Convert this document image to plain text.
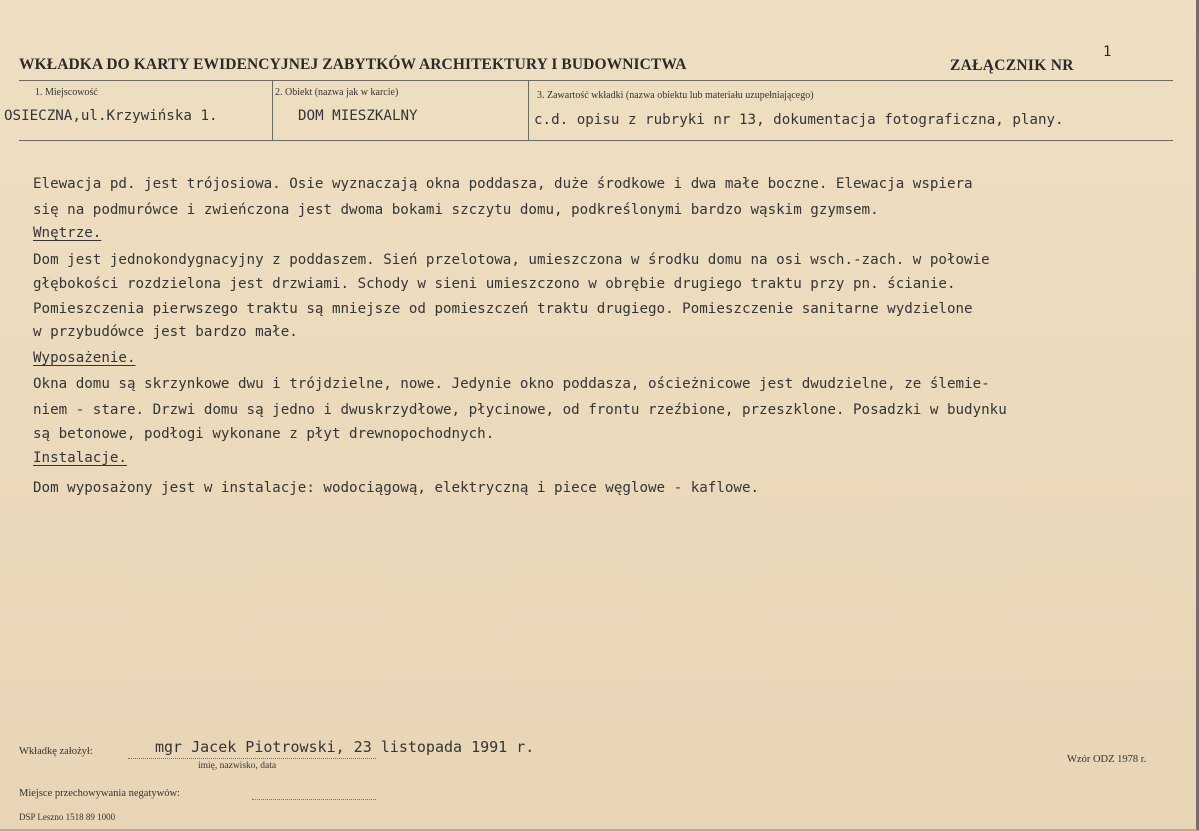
WKŁADKA DO KARTY EWIDENCYJNEJ ZABYTKÓW ARCHITEKTURY I BUDOWNICTWA	ZAŁĄCZNIK NR
1
1. Miejscowość
OSIECZNA,ul.Krzywińska 1.
2. Obiekt (nazwa jak w karcie)
DOM MIESZKALNY
3. Zawartość wkładki (nazwa obiektu lub materiału uzupełniającego)
c.d. opisu z rubryki nr 13, dokumentacja fotograficzna, plany.
Elewacja pd. jest trójosiowa. Osie wyznaczają okna poddasza, duże środkowe i dwa małe boczne. Elewacja wspiera
się na podmurówce i zwieńczona jest dwoma bokami szczytu domu, podkreślonymi bardzo wąskim gzymsem.
Wnętrze.
Dom jest jednokondygnacyjny z poddaszem. Sień przelotowa, umieszczona w środku domu na osi wsch.-zach. w połowie
głębokości rozdzielona jest drzwiami. Schody w sieni umieszczono w obrębie drugiego traktu przy pn. ścianie.
Pomieszczenia pierwszego traktu są mniejsze od pomieszczeń traktu drugiego. Pomieszczenie sanitarne wydzielone
w przybudówce jest bardzo małe.
Wyposażenie.
Okna domu są skrzynkowe dwu i trójdzielne, nowe. Jedynie okno poddasza, ościeżnicowe jest dwudzielne, ze ślemie-
niem - stare. Drzwi domu są jedno i dwuskrzydłowe, płycinowe, od frontu rzeźbione, przeszklone. Posadzki w budynku
są betonowe, podłogi wykonane z płyt drewnopochodnych.
Instalacje.
Dom wyposażony jest w instalacje: wodociągową, elektryczną i piece węglowe - kaflowe.
Wkładkę założył:	mgr Jacek Piotrowski, 23 listopada 1991 r.
imię, nazwisko, data
Miejsce przechowywania negatywów:
Wzór ODZ 1978 r.
DSP Leszno 1518 89 1000
